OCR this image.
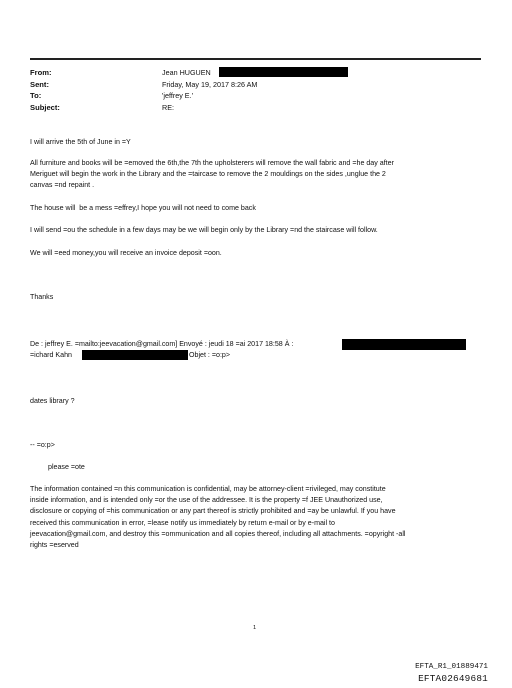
From:	Jean HUGUEN
Sent:	Friday, May 19, 2017 8:26 AM
To:	'jeffrey E.'
Subject:	RE:
I will arrive the 5th of June in =Y
All furniture and books will be =emoved the 6th,the 7th the upholsterers will remove the wall fabric and =he day after
Meriguet will begin the work in the Library and the =taircase to remove the 2 mouldings on the sides ,unglue the 2
canvas =nd repaint .
The house will  be a mess =effrey,I hope you will not need to come back
I will send =ou the schedule in a few days may be we will begin only by the Library =nd the staircase will follow.
We will =eed money,you will receive an invoice deposit =oon.
Thanks
De : jeffrey E. =mailto:jeevacation@gmail.com] Envoyé : jeudi 18 =ai 2017 18:58 À :
=ichard Kahn	Objet : =o:p>
dates library ?
-- =o:p>
please =ote
The information contained =n this communication is confidential, may be attorney-client =rivileged, may constitute
inside information, and is intended only =or the use of the addressee. It is the property =f JEE Unauthorized use,
disclosure or copying of =his communication or any part thereof is strictly prohibited and =ay be unlawful. If you have
received this communication in error, =lease notify us immediately by return e-mail or by e-mail to
jeevacation@gmail.com, and destroy this =ommunication and all copies thereof, including all attachments. =opyright -all
rights =eserved
1
EFTA_R1_01889471
EFTA02649681
